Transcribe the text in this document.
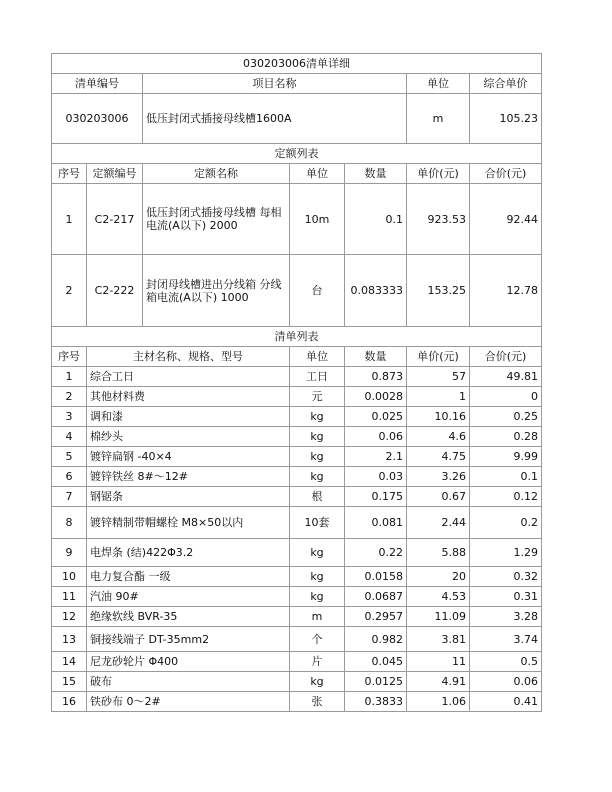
030203006清单详细						
清单编号		项目名称			单位	综合单价
030203006		低压封闭式插接母线槽1600A			m	105.23
定额列表						
序号	定额编号	定额名称	单位	数量	单价(元)	合价(元)
1	C2-217	低压封闭式插接母线槽 每相电流(A以下) 2000	10m	0.1	923.53	92.44
2	C2-222	封闭母线槽进出分线箱 分线箱电流(A以下) 1000	台	0.083333	153.25	12.78
清单列表						
序号	主材名称、规格、型号		单位	数量	单价(元)	合价(元)
1	综合工日		工日	0.873	57	49.81
2	其他材料费		元	0.0028	1	0
3	调和漆		kg	0.025	10.16	0.25
4	棉纱头		kg	0.06	4.6	0.28
5	镀锌扁钢 -40×4		kg	2.1	4.75	9.99
6	镀锌铁丝 8#～12#		kg	0.03	3.26	0.1
7	钢锯条		根	0.175	0.67	0.12
8	镀锌精制带帽螺栓 M8×50以内		10套	0.081	2.44	0.2
9	电焊条 (结)422Φ3.2		kg	0.22	5.88	1.29
10	电力复合酯 一级		kg	0.0158	20	0.32
11	汽油 90#		kg	0.0687	4.53	0.31
12	绝缘软线 BVR-35		m	0.2957	11.09	3.28
13	铜接线端子 DT-35mm2		个	0.982	3.81	3.74
14	尼龙砂轮片 Φ400		片	0.045	11	0.5
15	破布		kg	0.0125	4.91	0.06
16	铁砂布 0～2#		张	0.3833	1.06	0.41
